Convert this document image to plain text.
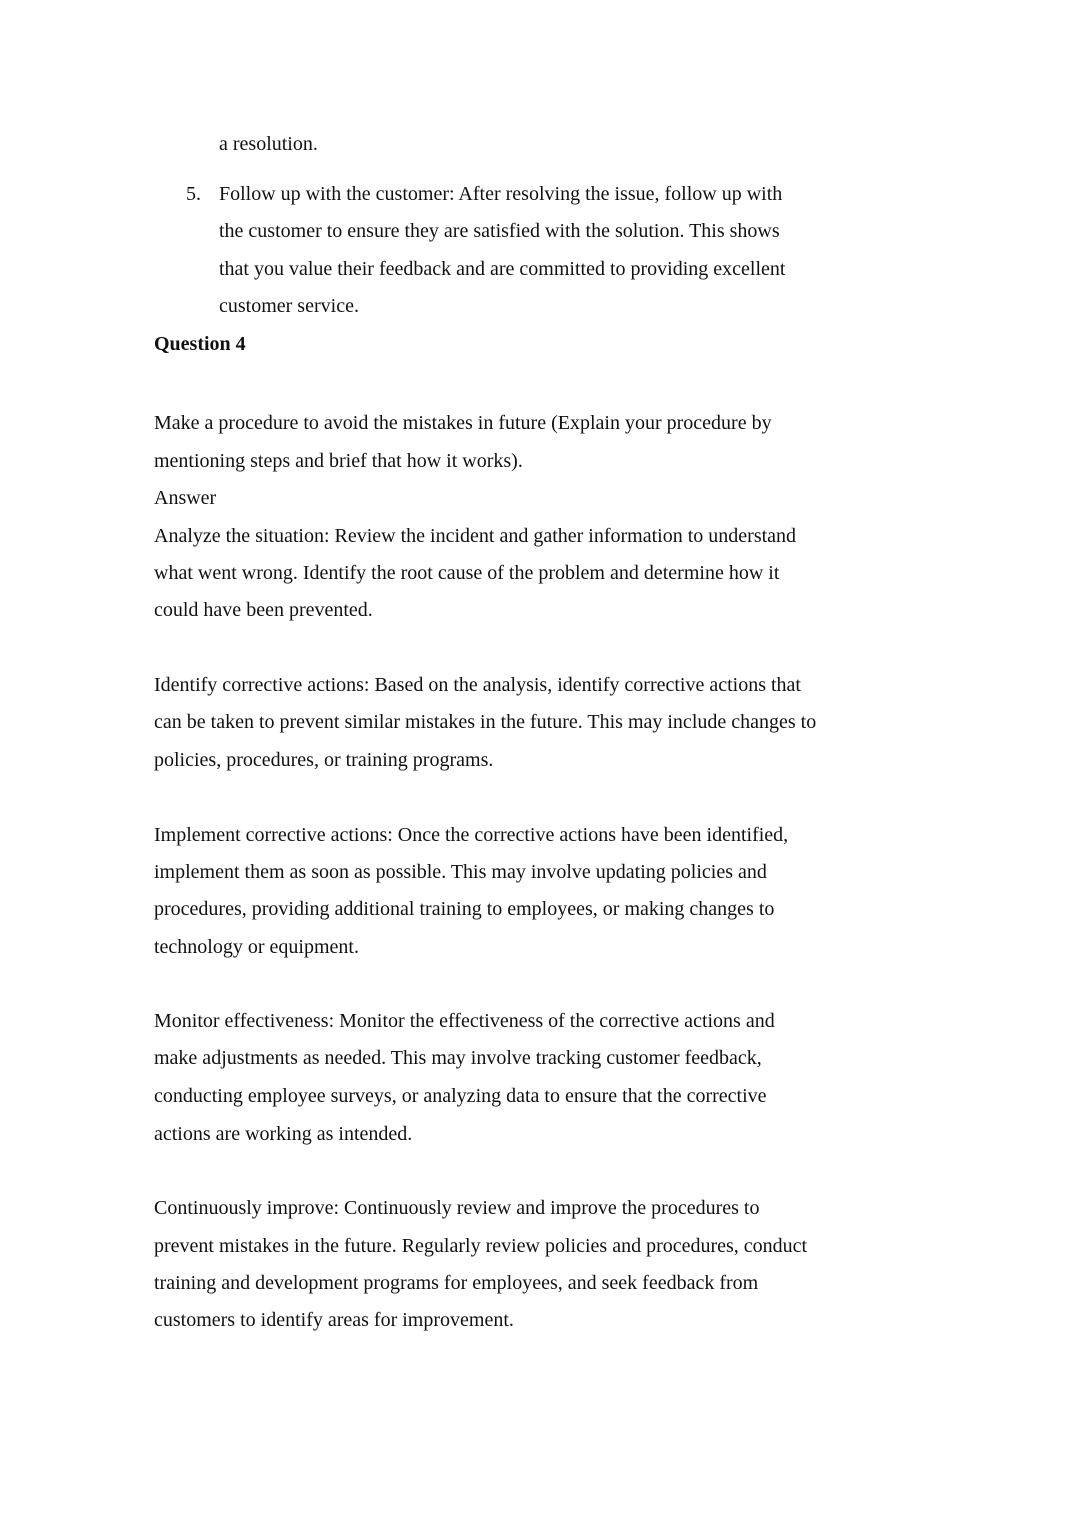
a resolution.
5. Follow up with the customer: After resolving the issue, follow up with
the customer to ensure they are satisfied with the solution. This shows
that you value their feedback and are committed to providing excellent
customer service.
Question 4
Make a procedure to avoid the mistakes in future (Explain your procedure by
mentioning steps and brief that how it works).
Answer
Analyze the situation: Review the incident and gather information to understand
what went wrong. Identify the root cause of the problem and determine how it
could have been prevented.
Identify corrective actions: Based on the analysis, identify corrective actions that
can be taken to prevent similar mistakes in the future. This may include changes to
policies, procedures, or training programs.
Implement corrective actions: Once the corrective actions have been identified,
implement them as soon as possible. This may involve updating policies and
procedures, providing additional training to employees, or making changes to
technology or equipment.
Monitor effectiveness: Monitor the effectiveness of the corrective actions and
make adjustments as needed. This may involve tracking customer feedback,
conducting employee surveys, or analyzing data to ensure that the corrective
actions are working as intended.
Continuously improve: Continuously review and improve the procedures to
prevent mistakes in the future. Regularly review policies and procedures, conduct
training and development programs for employees, and seek feedback from
customers to identify areas for improvement.
